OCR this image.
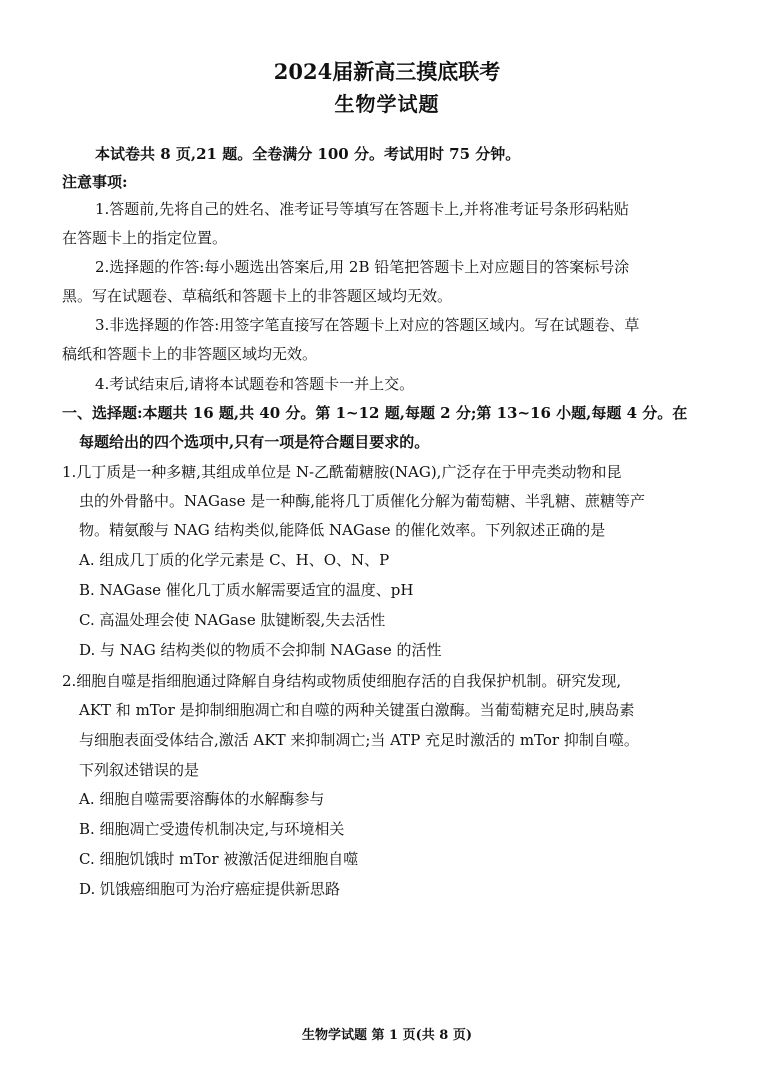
2024届新高三摸底联考
生物学试题
本试卷共 8 页,21 题。全卷满分 100 分。考试用时 75 分钟。
注意事项:
1.答题前,先将自己的姓名、准考证号等填写在答题卡上,并将准考证号条形码粘贴
在答题卡上的指定位置。
2.选择题的作答:每小题选出答案后,用 2B 铅笔把答题卡上对应题目的答案标号涂
黑。写在试题卷、草稿纸和答题卡上的非答题区域均无效。
3.非选择题的作答:用签字笔直接写在答题卡上对应的答题区域内。写在试题卷、草
稿纸和答题卡上的非答题区域均无效。
4.考试结束后,请将本试题卷和答题卡一并上交。
一、选择题:本题共 16 题,共 40 分。第 1~12 题,每题 2 分;第 13~16 小题,每题 4 分。在
每题给出的四个选项中,只有一项是符合题目要求的。
1.几丁质是一种多糖,其组成单位是 N-乙酰葡糖胺(NAG),广泛存在于甲壳类动物和昆
虫的外骨骼中。NAGase 是一种酶,能将几丁质催化分解为葡萄糖、半乳糖、蔗糖等产
物。精氨酸与 NAG 结构类似,能降低 NAGase 的催化效率。下列叙述正确的是
A. 组成几丁质的化学元素是 C、H、O、N、P
B. NAGase 催化几丁质水解需要适宜的温度、pH
C. 高温处理会使 NAGase 肽键断裂,失去活性
D. 与 NAG 结构类似的物质不会抑制 NAGase 的活性
2.细胞自噬是指细胞通过降解自身结构或物质使细胞存活的自我保护机制。研究发现,
AKT 和 mTor 是抑制细胞凋亡和自噬的两种关键蛋白激酶。当葡萄糖充足时,胰岛素
与细胞表面受体结合,激活 AKT 来抑制凋亡;当 ATP 充足时激活的 mTor 抑制自噬。
下列叙述错误的是
A. 细胞自噬需要溶酶体的水解酶参与
B. 细胞凋亡受遗传机制决定,与环境相关
C. 细胞饥饿时 mTor 被激活促进细胞自噬
D. 饥饿癌细胞可为治疗癌症提供新思路
生物学试题 第 1 页(共 8 页)
